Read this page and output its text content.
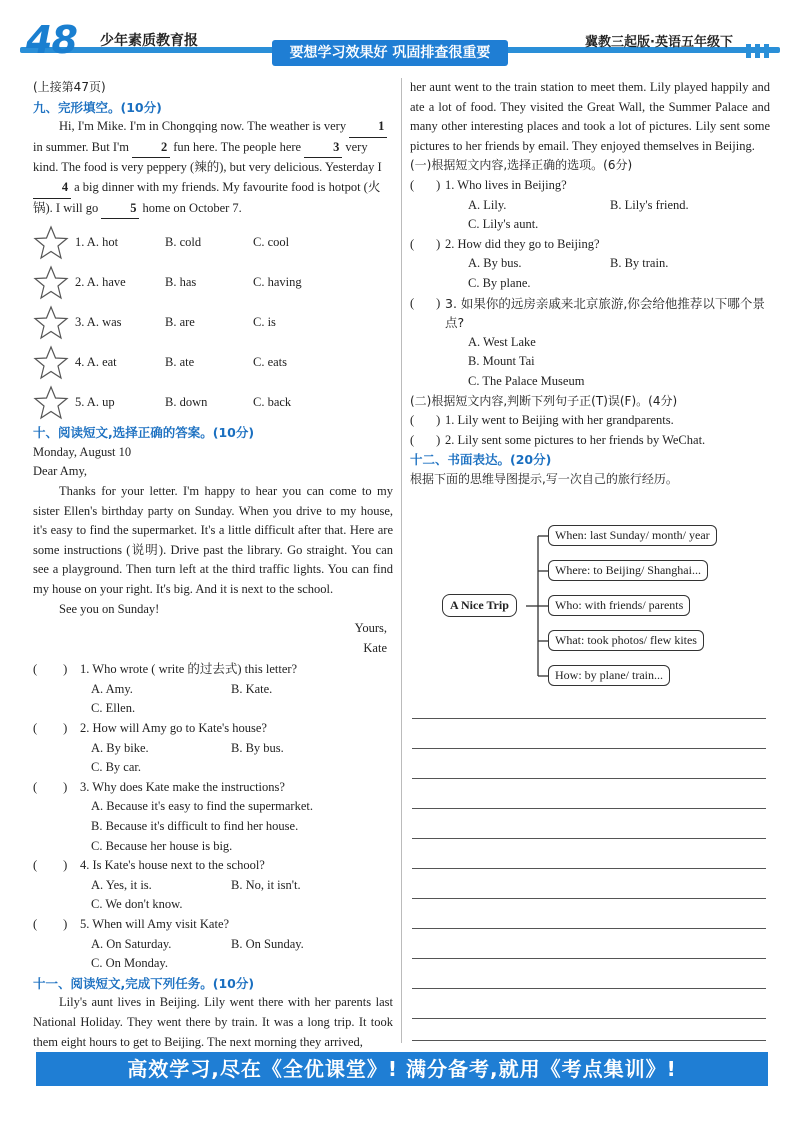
48 少年素质教育报
要想学习效果好 巩固排查很重要
冀教三起版·英语五年级下
(上接第47页)
九、完形填空。(10分)

Hi, I'm Mike. I'm in Chongqing now. The weather is very	1 in summer. But I'm	2 fun here. The people here	3 very kind. The food is very peppery (辣的), but very delicious. Yesterday I 4 a big dinner with my friends. My favourite food is hotpot (火锅). I will go	5 home on October 7.

1. A. hot	B. cold	C. cool
2. A. have	B. has	C. having
3. A. was	B. are	C. is
4. A. eat	B. ate	C. eats
5. A. up	B. down	C. back
十、阅读短文,选择正确的答案。(10分)
Monday, August 10
Dear Amy,

Thanks for your letter. I'm happy to hear you can come to my sister Ellen's birthday party on Sunday. When you drive to my house, it's easy to find the supermarket. It's a little difficult after that. Here are some instructions (说明). Drive past the library. Go straight. You can see a playground. Then turn left at the third traffic lights. You can find my house on your right. It's big. And it is next to the school.

See you on Sunday!

Yours,
Kate
( )	1. Who wrote ( write 的过去式) this letter?
A. Amy.	B. Kate.
C. Ellen.
( )	2. How will Amy go to Kate's house?
A. By bike.	B. By bus.
C. By car.
( )	3. Why does Kate make the instructions?
A. Because it's easy to find the supermarket.
B. Because it's difficult to find her house.
C. Because her house is big.
( )	4. Is Kate's house next to the school?
A. Yes, it is.	B. No, it isn't.
C. We don't know.
( )	5. When will Amy visit Kate?
A. On Saturday.	B. On Sunday.
C. On Monday.
十一、阅读短文,完成下列任务。(10分)

Lily's aunt lives in Beijing. Lily went there with her parents last National Holiday. They went there by train. It was a long trip. It took them eight hours to get to Beijing. The next morning they arrived,

her aunt went to the train station to meet them. Lily played happily and ate a lot of food. They visited the Great Wall, the Summer Palace and many other interesting places and took a lot of pictures. Lily sent some pictures to her friends by email. They enjoyed themselves in Beijing.

(一)根据短文内容,选择正确的选项。(6分)
( ) 1. Who lives in Beijing?
A. Lily.	B. Lily's friend.
C. Lily's aunt.
( ) 2. How did they go to Beijing?
A. By bus.	B. By train.
C. By plane.
( ) 3. 如果你的远房亲戚来北京旅游,你会给他推荐以下哪个景点?
A. West Lake
B. Mount Tai
C. The Palace Museum
(二)根据短文内容,判断下列句子正(T)误(F)。(4分)
( ) 1. Lily went to Beijing with her grandparents.
( ) 2. Lily sent some pictures to her friends by WeChat.
十二、书面表达。(20分)
根据下面的思维导图提示,写一次自己的旅行经历。
A Nice Trip
When: last Sunday/ month/ year
Where: to Beijing/ Shanghai...
Who: with friends/ parents
What: took photos/ flew kites
How: by plane/ train...
高效学习,尽在《全优课堂》! 满分备考,就用《考点集训》!
